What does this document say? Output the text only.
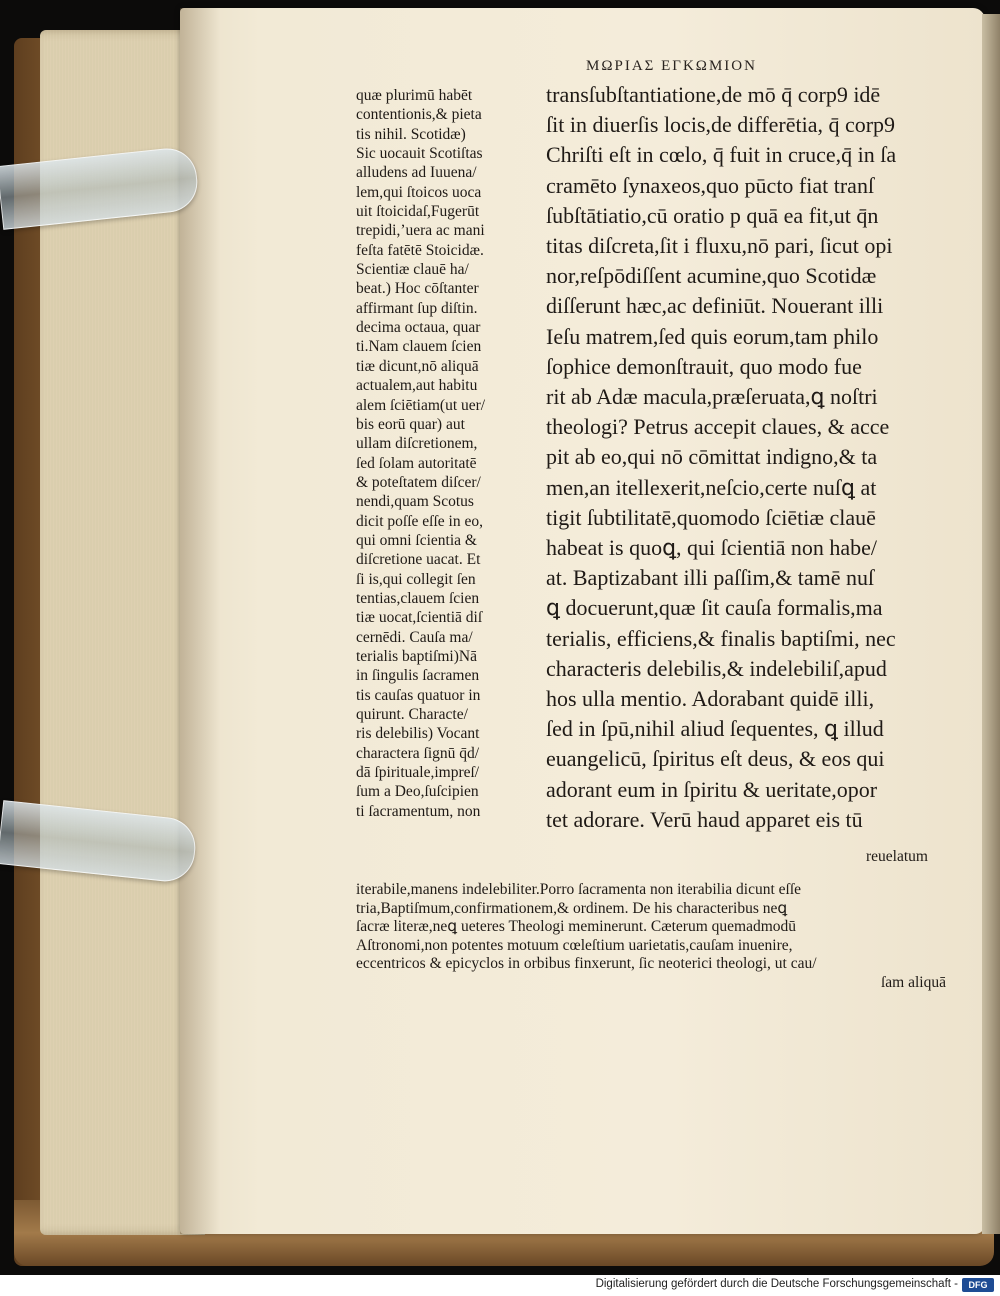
ΜΩΡΙΑΣ ΕΓΚΩΜΙΟΝ
quæ plurimū habēt
contentionis,& pieta
tis nihil. Scotidæ)
Sic uocauit Scotiſtas
alludens ad Iuuena/
lem,qui ſtoicos uoca
uit ſtoicidaſ,Fugerūt
trepidi,ʼuera ac mani
feſta fatētē Stoicidæ.
Scientiæ clauē ha/
beat.) Hoc cōſtanter
affirmant ſup diſtin.
decima octaua, quar
ti.Nam clauem ſcien
tiæ dicunt,nō aliquā
actualem,aut habitu
alem ſciētiam(ut uer/
bis eorū quar) aut
ullam diſcretionem,
ſed ſolam autoritatē
& poteſtatem diſcer/
nendi,quam Scotus
dicit poſſe eſſe in eo,
qui omni ſcientia &
diſcretione uacat. Et
ſi is,qui collegit ſen
tentias,clauem ſcien
tiæ uocat,ſcientiā diſ
cernēdi. Cauſa ma/
terialis baptiſmi)Nā
in ſingulis ſacramen
tis cauſas quatuor in
quirunt. Characte/
ris delebilis) Vocant
charactera ſignū q̄d/
dā ſpirituale,impreſ/
ſum a Deo,ſuſcipien
ti ſacramentum, non
transſubſtantiatione,de mō q̄ corp9 idē
ſit in diuerſis locis,de differētia, q̄ corp9
Chriſti eſt in cœlo, q̄ fuit in cruce,q̄ in ſa
cramēto ſynaxeos,quo pūcto fiat tranſ
ſubſtātiatio,cū oratio p quā ea fit,ut q̄n
titas diſcreta,ſit i fluxu,nō pari, ſicut opi
nor,reſpōdiſſent acumine,quo Scotidæ
diſſerunt hæc,ac definiūt. Nouerant illi
Ieſu matrem,ſed quis eorum,tam philo
ſophice demonſtrauit, quo modo fue
rit ab Adæ macula,præſeruata,ꝗ noſtri
theologi? Petrus accepit claues, & acce
pit ab eo,qui nō cōmittat indigno,& ta
men,an itellexerit,neſcio,certe nuſꝗ at
tigit ſubtilitatē,quomodo ſciētiæ clauē
habeat is quoꝗ, qui ſcientiā non habe/
at. Baptizabant illi paſſim,& tamē nuſ
ꝗ docuerunt,quæ ſit cauſa formalis,ma
terialis, efficiens,& finalis baptiſmi, nec
characteris delebilis,& indelebiliſ,apud
hos ulla mentio. Adorabant quidē illi,
ſed in ſpū,nihil aliud ſequentes, ꝗ illud
euangelicū, ſpiritus eſt deus, & eos qui
adorant eum in ſpiritu & ueritate,opor
tet adorare. Verū haud apparet eis tū
reuelatum
iterabile,manens indelebiliter.Porro ſacramenta non iterabilia dicunt eſſe
tria,Baptiſmum,confirmationem,& ordinem. De his characteribus neꝗ
ſacræ literæ,neꝗ ueteres Theologi meminerunt. Cæterum quemadmodū
Aſtronomi,non potentes motuum cœleſtium uarietatis,cauſam inuenire,
eccentricos & epicyclos in orbibus finxerunt, ſic neoterici theologi, ut cau/
ſam aliquā
Digitalisierung gefördert durch die Deutsche Forschungsgemeinschaft -	DFG
